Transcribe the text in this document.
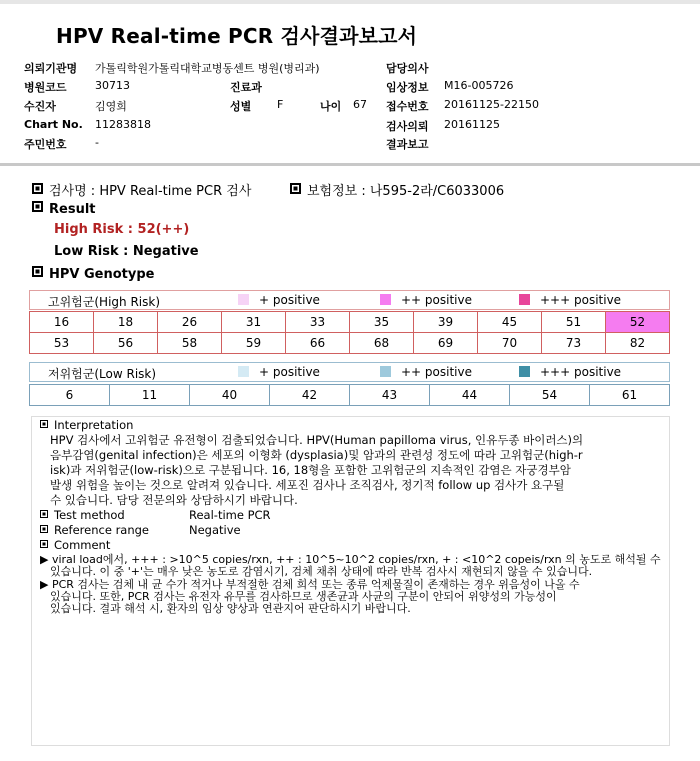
HPV Real-time PCR 검사결과보고서
의뢰기관명 가톨릭학원가톨릭대학교병동센트 병원(병리과)	담당의사
병원코드	30713	진료과	임상정보 M16-005726
수진자	김영희	성별 F	나이 67 접수번호 20161125-22150
Chart No. 11283818	검사의뢰 20161125
주민번호	-	결과보고
검사명 : HPV Real-time PCR 검사	보험정보 : 나595-2라/C6033006
Result
High Risk : 52(++)
Low Risk : Negative
HPV Genotype
고위험군(High Risk)	+ positive	++ positive	+++ positive
16	18	26	31	33	35	39	45	51	52
53	56	58	59	66	68	69	70	73	82
저위험군(Low Risk)	+ positive	++ positive	+++ positive
6	11	40	42	43	44	54	61
Interpretation
HPV 검사에서 고위험군 유전형이 검출되었습니다. HPV(Human papilloma virus, 인유두종 바이러스)의
음부감염(genital infection)은 세포의 이형화 (dysplasia)및 암과의 관련성 정도에 따라 고위험군(high-r
isk)과 저위험군(low-risk)으로 구분됩니다. 16, 18형을 포함한 고위험군의 지속적인 감염은 자궁경부암
발생 위험을 높이는 것으로 알려져 있습니다. 세포진 검사나 조직검사, 정기적 follow up 검사가 요구될
수 있습니다. 담당 전문의와 상담하시기 바랍니다.
Test method	Real-time PCR
Reference range	Negative
Comment
▶ viral load에서, +++ : >10^5 copies/rxn, ++ : 10^5~10^2 copies/rxn, + : <10^2 copeis/rxn 의 농도로 해석될 수
있습니다. 이 중 '+'는 매우 낮은 농도로 감염시기, 검체 채취 상태에 따라 반복 검사시 재현되지 않을 수 있습니다.
▶ PCR 검사는 검체 내 균 수가 적거나 부적절한 검체 희석 또는 종류 억제물질이 존재하는 경우 위음성이 나올 수
있습니다. 또한, PCR 검사는 유전자 유무를 검사하므로 생존균과 사균의 구분이 안되어 위양성의 가능성이
있습니다. 결과 해석 시, 환자의 임상 양상과 연관지어 판단하시기 바랍니다.
